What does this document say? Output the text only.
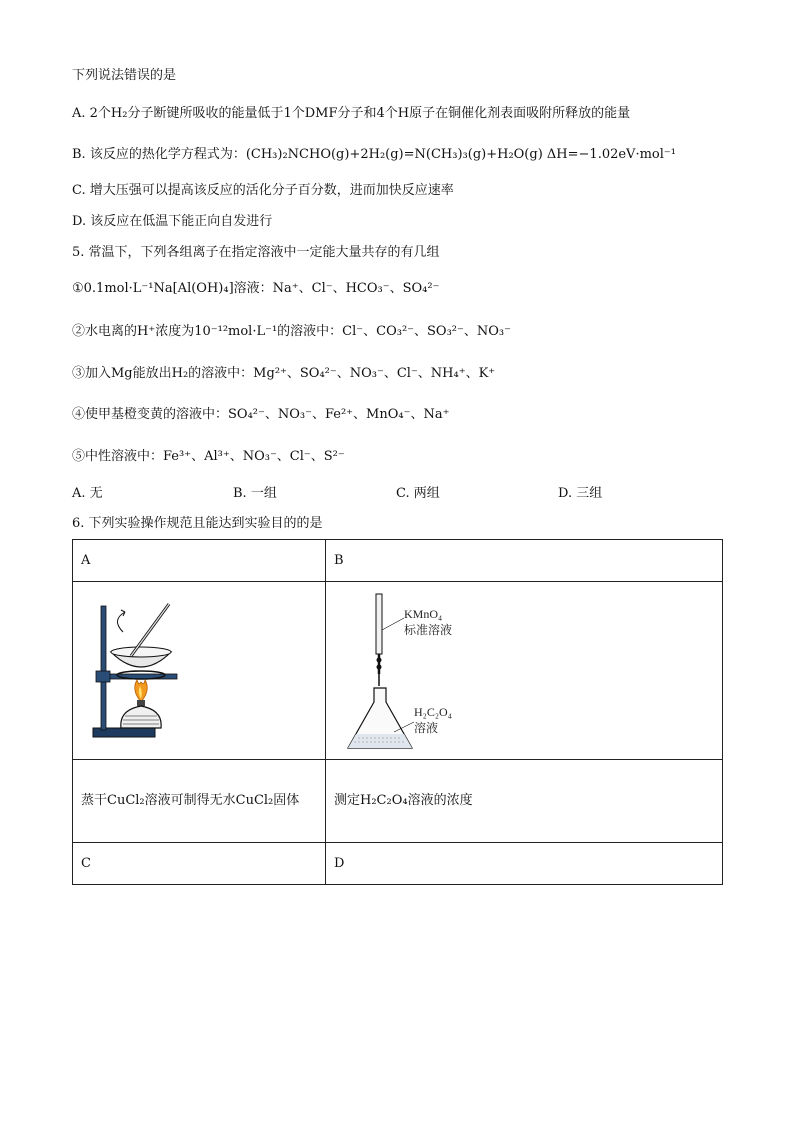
下列说法错误的是
A. 2个H₂分子断键所吸收的能量低于1个DMF分子和4个H原子在铜催化剂表面吸附所释放的能量
B. 该反应的热化学方程式为：(CH₃)₂NCHO(g)+2H₂(g)=N(CH₃)₃(g)+H₂O(g) ΔH=−1.02eV·mol⁻¹
C. 增大压强可以提高该反应的活化分子百分数，进而加快反应速率
D. 该反应在低温下能正向自发进行
5. 常温下，下列各组离子在指定溶液中一定能大量共存的有几组
①0.1mol·L⁻¹Na[Al(OH)₄]溶液：Na⁺、Cl⁻、HCO₃⁻、SO₄²⁻
②水电离的H⁺浓度为10⁻¹²mol·L⁻¹的溶液中：Cl⁻、CO₃²⁻、SO₃²⁻、NO₃⁻
③加入Mg能放出H₂的溶液中：Mg²⁺、SO₄²⁻、NO₃⁻、Cl⁻、NH₄⁺、K⁺
④使甲基橙变黄的溶液中：SO₄²⁻、NO₃⁻、Fe²⁺、MnO₄⁻、Na⁺
⑤中性溶液中：Fe³⁺、Al³⁺、NO₃⁻、Cl⁻、S²⁻
A. 无	B. 一组	C. 两组	D. 三组
6. 下列实验操作规范且能达到实验目的的是
A	B

KMnO₄
标准溶液
H₂C₂O₄
溶液

蒸干CuCl₂溶液可制得无水CuCl₂固体	测定H₂C₂O₄溶液的浓度
C	D
